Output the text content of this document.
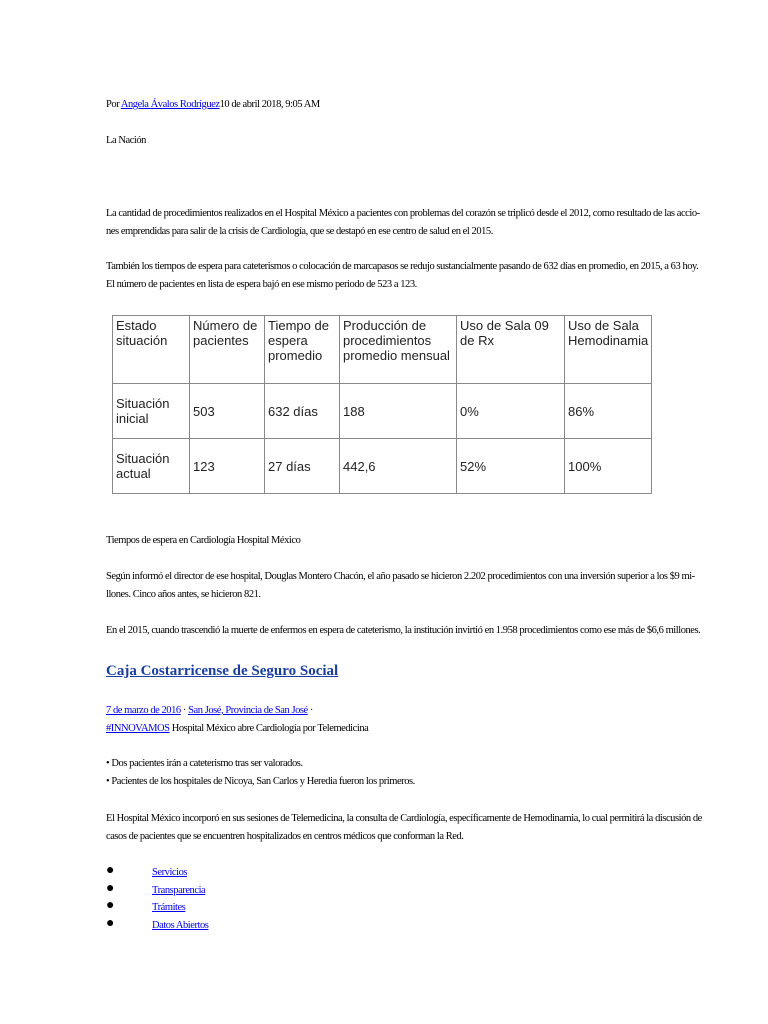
Por Angela Ávalos Rodríguez10 de abril 2018, 9:05 AM

La Nación

La cantidad de procedimientos realizados en el Hospital México a pacientes con problemas del corazón se triplicó desde el 2012, como resultado de las accio-

nes emprendidas para salir de la crisis de Cardiología, que se destapó en ese centro de salud en el 2015.

También los tiempos de espera para cateterismos o colocación de marcapasos se redujo sustancialmente pasando de 632 días en promedio, en 2015, a 63 hoy.

El número de pacientes en lista de espera bajó en ese mismo periodo de 523 a 123.

Estado situación	Número de pacientes	Tiempo de espera promedio	Producción de procedimientos promedio mensual	Uso de Sala 09 de Rx	Uso de Sala Hemodinamia
Situación inicial	503	632 días	188	0%	86%
Situación actual	123	27 días	442,6	52%	100%

Tiempos de espera en Cardiología Hospital México

Según informó el director de ese hospital, Douglas Montero Chacón, el año pasado se hicieron 2.202 procedimientos con una inversión superior a los $9 mi-

llones. Cinco años antes, se hicieron 821.

En el 2015, cuando trascendió la muerte de enfermos en espera de cateterismo, la institución invirtió en 1.958 procedimientos como ese más de $6,6 millones.

Caja Costarricense de Seguro Social

7 de marzo de 2016 · San José, Provincia de San José ·

#INNOVAMOS Hospital México abre Cardiología por Telemedicina

• Dos pacientes irán a cateterismo tras ser valorados.

• Pacientes de los hospitales de Nicoya, San Carlos y Heredia fueron los primeros.

El Hospital México incorporó en sus sesiones de Telemedicina, la consulta de Cardiología, específicamente de Hemodinamia, lo cual permitirá la discusión de

casos de pacientes que se encuentren hospitalizados en centros médicos que conforman la Red.

●	Servicios
●	Transparencia
●	Trámites
●	Datos Abiertos
